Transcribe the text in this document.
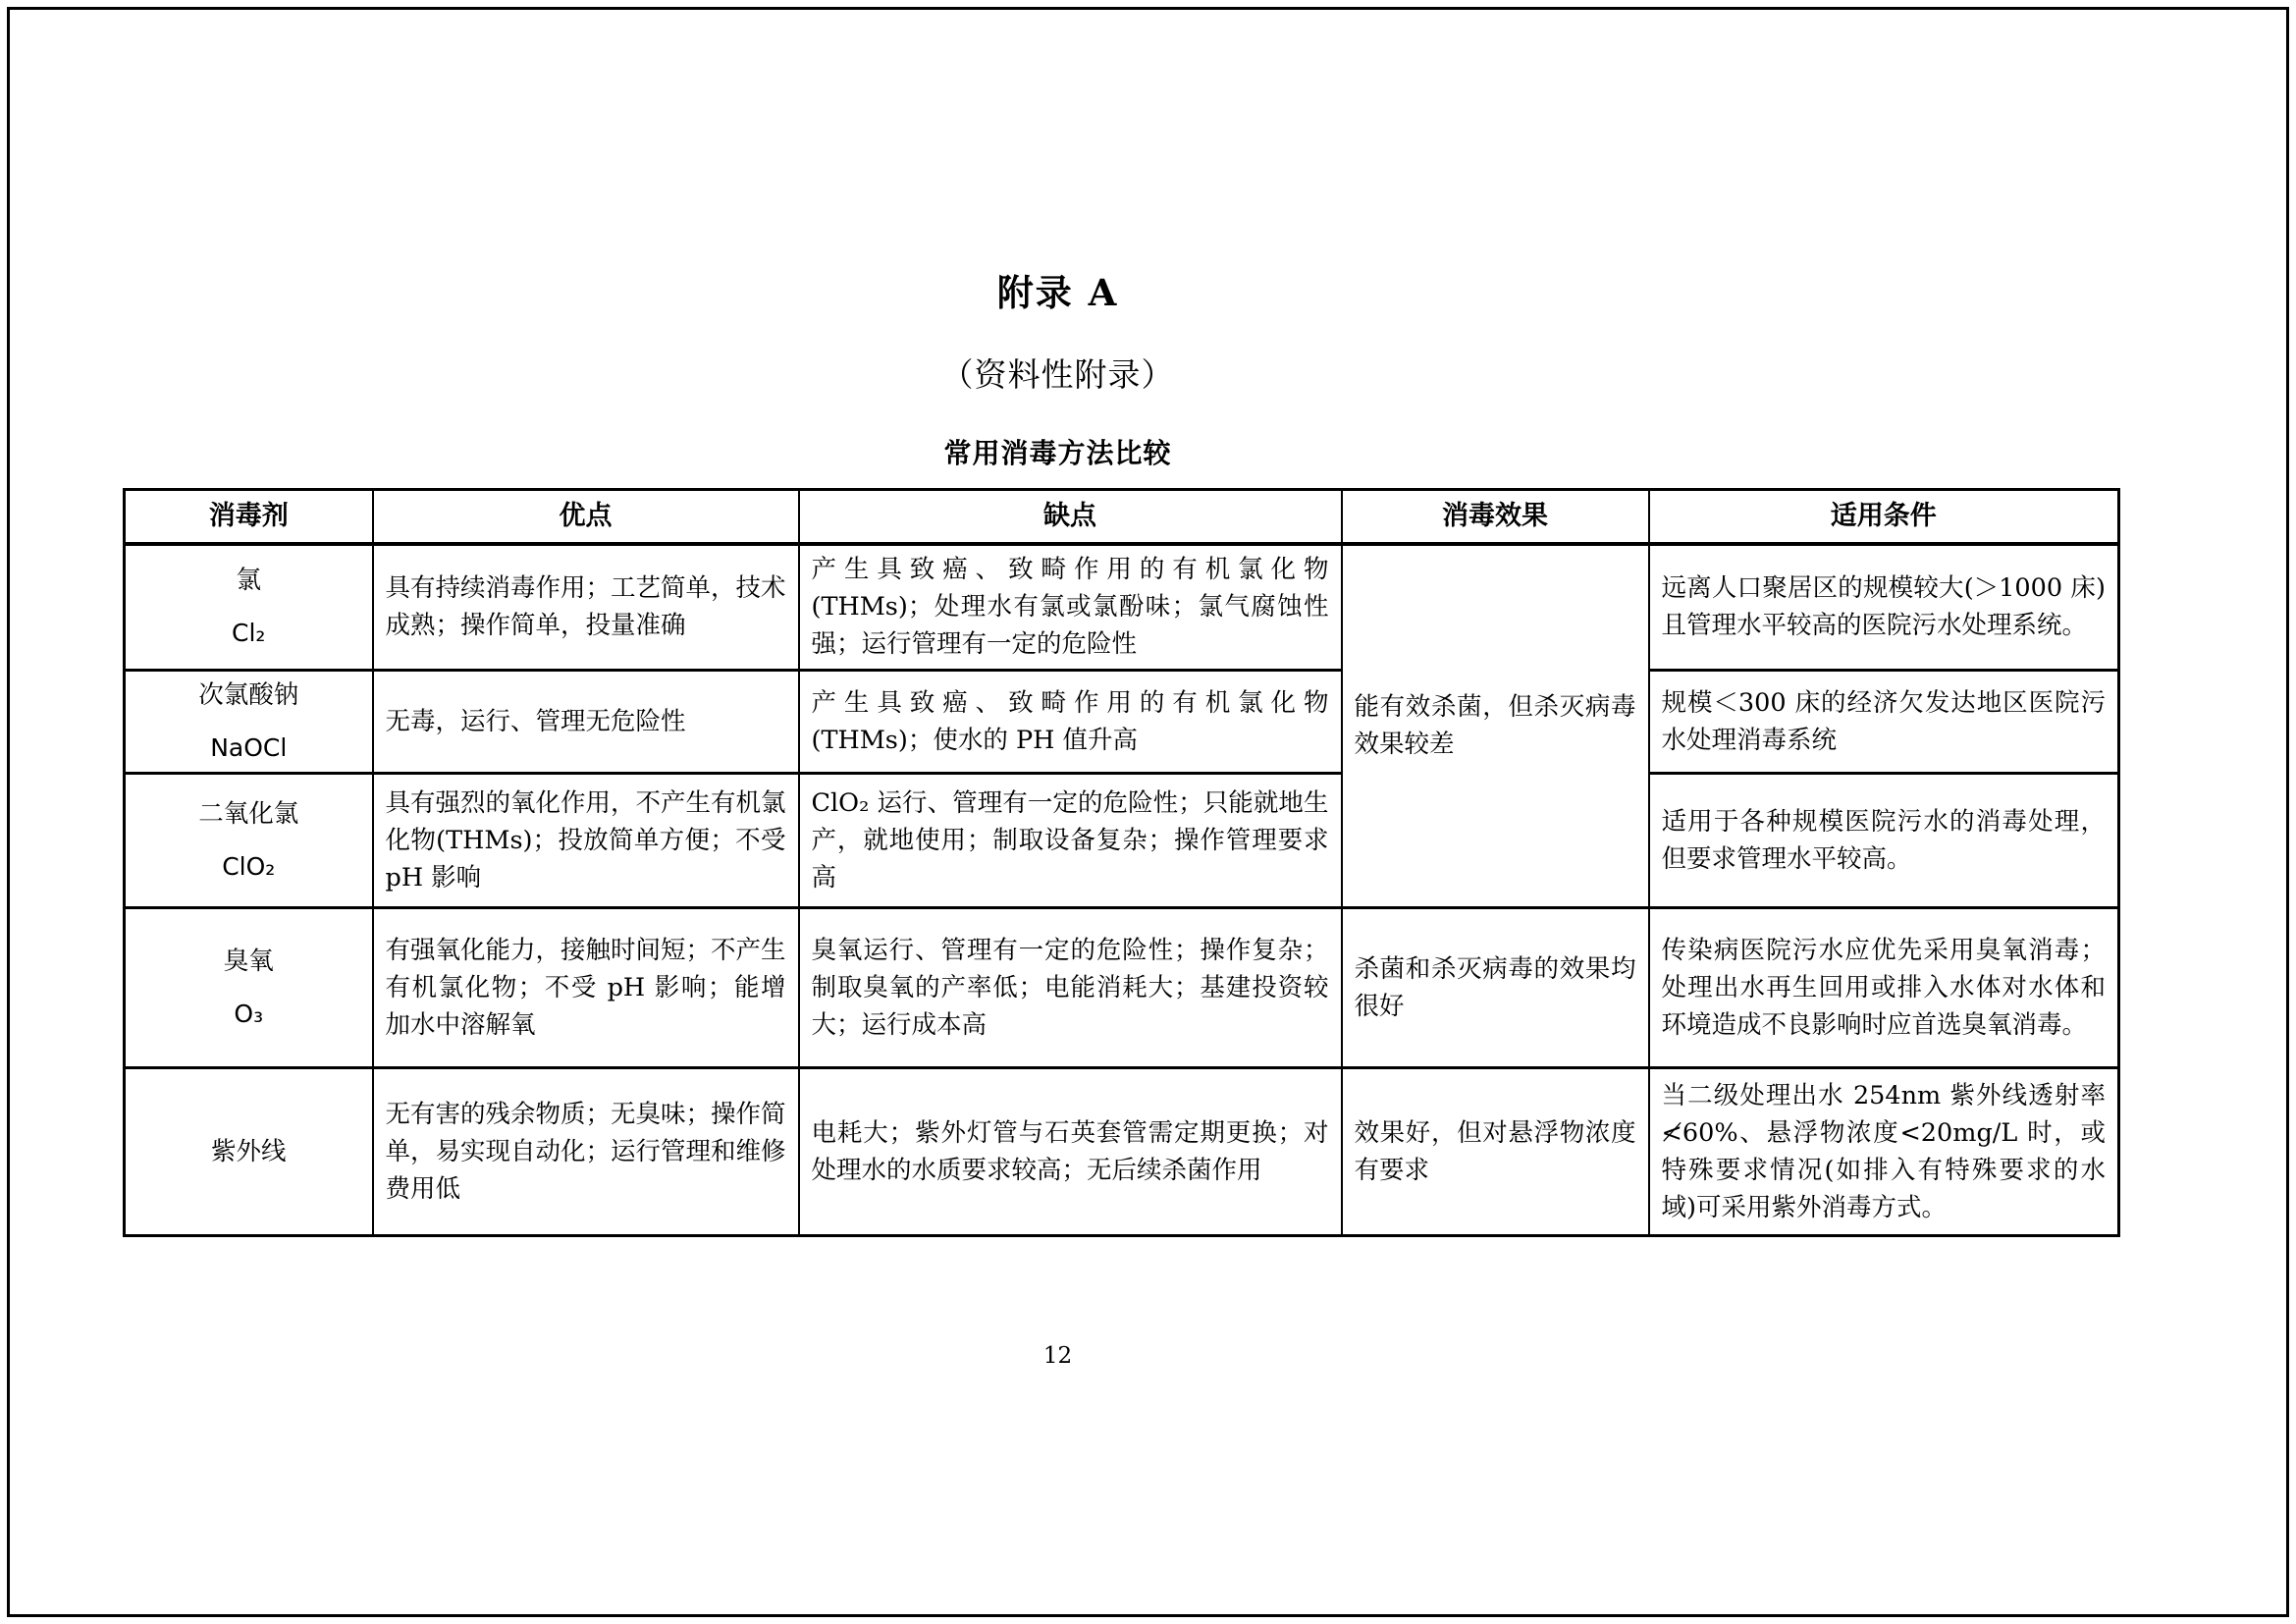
附录 A
（资料性附录）
常用消毒方法比较
消毒剂	优点	缺点	消毒效果	适用条件

氯
Cl₂	具有持续消毒作用；工艺简单，技术成熟；操作简单，投量准确	产生具致癌、致畸作用的有机氯化物(THMs)；处理水有氯或氯酚味；氯气腐蚀性强；运行管理有一定的危险性	能有效杀菌，但杀灭病毒效果较差	远离人口聚居区的规模较大(＞1000 床)且管理水平较高的医院污水处理系统。

次氯酸钠
NaOCl	无毒，运行、管理无危险性	产生具致癌、致畸作用的有机氯化物(THMs)；使水的 PH 值升高		规模＜300 床的经济欠发达地区医院污水处理消毒系统

二氧化氯
ClO₂	具有强烈的氧化作用，不产生有机氯化物(THMs)；投放简单方便；不受 pH 影响	ClO₂ 运行、管理有一定的危险性；只能就地生产，就地使用；制取设备复杂；操作管理要求高		适用于各种规模医院污水的消毒处理，但要求管理水平较高。

臭氧
O₃	有强氧化能力，接触时间短；不产生有机氯化物；不受 pH 影响；能增加水中溶解氧	臭氧运行、管理有一定的危险性；操作复杂；制取臭氧的产率低；电能消耗大；基建投资较大；运行成本高	杀菌和杀灭病毒的效果均很好	传染病医院污水应优先采用臭氧消毒；处理出水再生回用或排入水体对水体和环境造成不良影响时应首选臭氧消毒。

紫外线	无有害的残余物质；无臭味；操作简单，易实现自动化；运行管理和维修费用低	电耗大；紫外灯管与石英套管需定期更换；对处理水的水质要求较高；无后续杀菌作用	效果好，但对悬浮物浓度有要求	当二级处理出水 254nm 紫外线透射率≮60%、悬浮物浓度<20mg/L 时，或特殊要求情况(如排入有特殊要求的水域)可采用紫外消毒方式。
12
